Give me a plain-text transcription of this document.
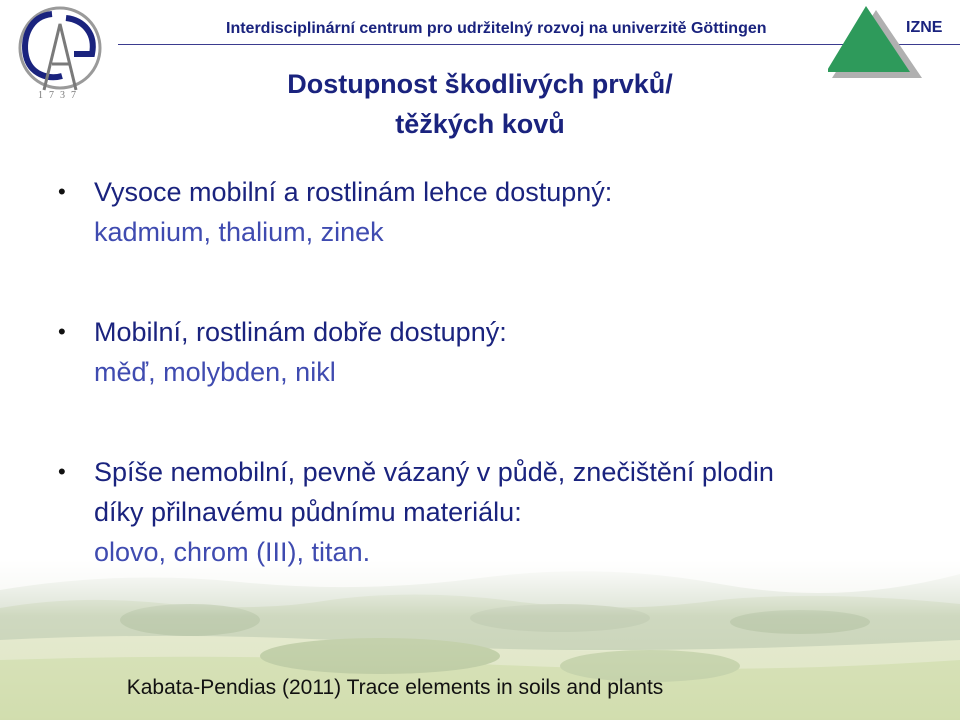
1737
Interdisciplinární centrum pro udržitelný rozvoj na univerzitě Göttingen	IZNE
Dostupnost škodlivých prvků/
těžkých kovů
•	Vysoce mobilní a rostlinám lehce dostupný:
kadmium, thalium, zinek
•	Mobilní, rostlinám dobře dostupný:
měď, molybden, nikl
•	Spíše nemobilní, pevně vázaný v půdě, znečištění plodin
díky přilnavému půdnímu materiálu:
olovo, chrom (III), titan.
Kabata-Pendias (2011) Trace elements in soils and plants
